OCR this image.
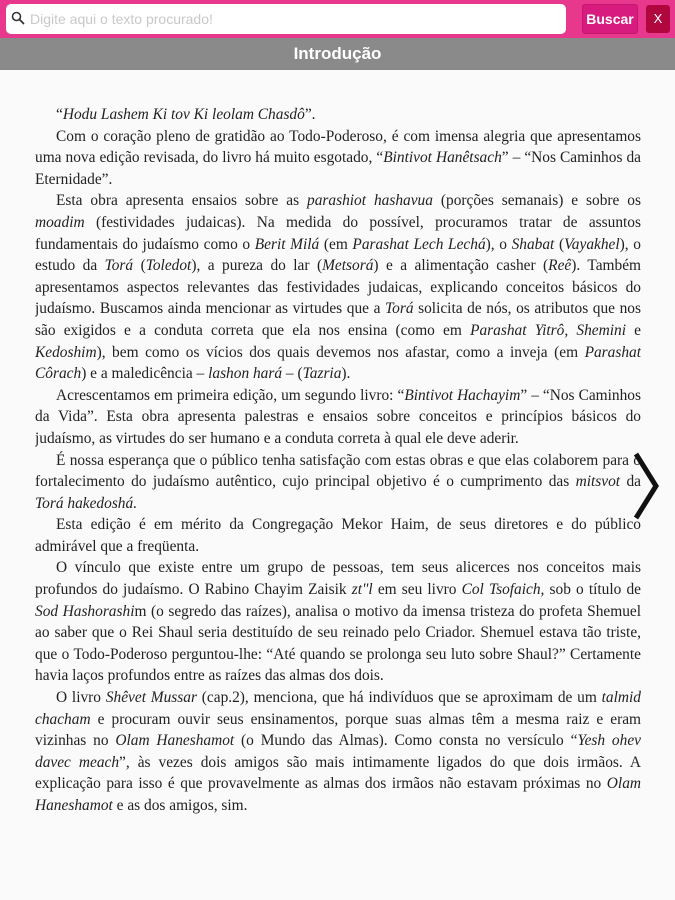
Digite aqui o texto procurado!
Buscar	X
Introdução

“Hodu Lashem Ki tov Ki leolam Chasdô”.

Com o coração pleno de gratidão ao Todo-Poderoso, é com imensa alegria que apresentamos uma nova edição revisada, do livro há muito esgotado, “Bintivot Hanêtsach” – “Nos Caminhos da Eternidade”.

Esta obra apresenta ensaios sobre as parashiot hashavua (porções semanais) e sobre os moadim (festividades judaicas). Na medida do possível, procuramos tratar de assuntos fundamentais do judaísmo como o Berit Milá (em Parashat Lech Lechá), o Shabat (Vayakhel), o estudo da Torá (Toledot), a pureza do lar (Metsorá) e a alimentação casher (Reê). Também apresentamos aspectos relevantes das festividades judaicas, explicando conceitos básicos do judaísmo. Buscamos ainda mencionar as virtudes que a Torá solicita de nós, os atributos que nos são exigidos e a conduta correta que ela nos ensina (como em Parashat Yitrô, Shemini e Kedoshim), bem como os vícios dos quais devemos nos afastar, como a inveja (em Parashat Côrach) e a maledicência – lashon hará – (Tazria).

Acrescentamos em primeira edição, um segundo livro: “Bintivot Hachayim” – “Nos Caminhos da Vida”. Esta obra apresenta palestras e ensaios sobre conceitos e princípios básicos do judaísmo, as virtudes do ser humano e a conduta correta à qual ele deve aderir.

É nossa esperança que o público tenha satisfação com estas obras e que elas colaborem para o fortalecimento do judaísmo autêntico, cujo principal objetivo é o cumprimento das mitsvot da Torá hakedoshá.

Esta edição é em mérito da Congregação Mekor Haim, de seus diretores e do público admirável que a freqüenta.

O vínculo que existe entre um grupo de pessoas, tem seus alicerces nos conceitos mais profundos do judaísmo. O Rabino Chayim Zaisik zt"l em seu livro Col Tsofaich, sob o título de Sod Hashorashim (o segredo das raízes), analisa o motivo da imensa tristeza do profeta Shemuel ao saber que o Rei Shaul seria destituído de seu reinado pelo Criador. Shemuel estava tão triste, que o Todo-Poderoso perguntou-lhe: “Até quando se prolonga seu luto sobre Shaul?” Certamente havia laços profundos entre as raízes das almas dos dois.

O livro Shêvet Mussar (cap.2), menciona, que há indivíduos que se aproximam de um talmid chacham e procuram ouvir seus ensinamentos, porque suas almas têm a mesma raiz e eram vizinhas no Olam Haneshamot (o Mundo das Almas). Como consta no versículo “Yesh ohev davec meach”, às vezes dois amigos são mais intimamente ligados do que dois irmãos. A explicação para isso é que provavelmente as almas dos irmãos não estavam próximas no Olam Haneshamot e as dos amigos, sim.
